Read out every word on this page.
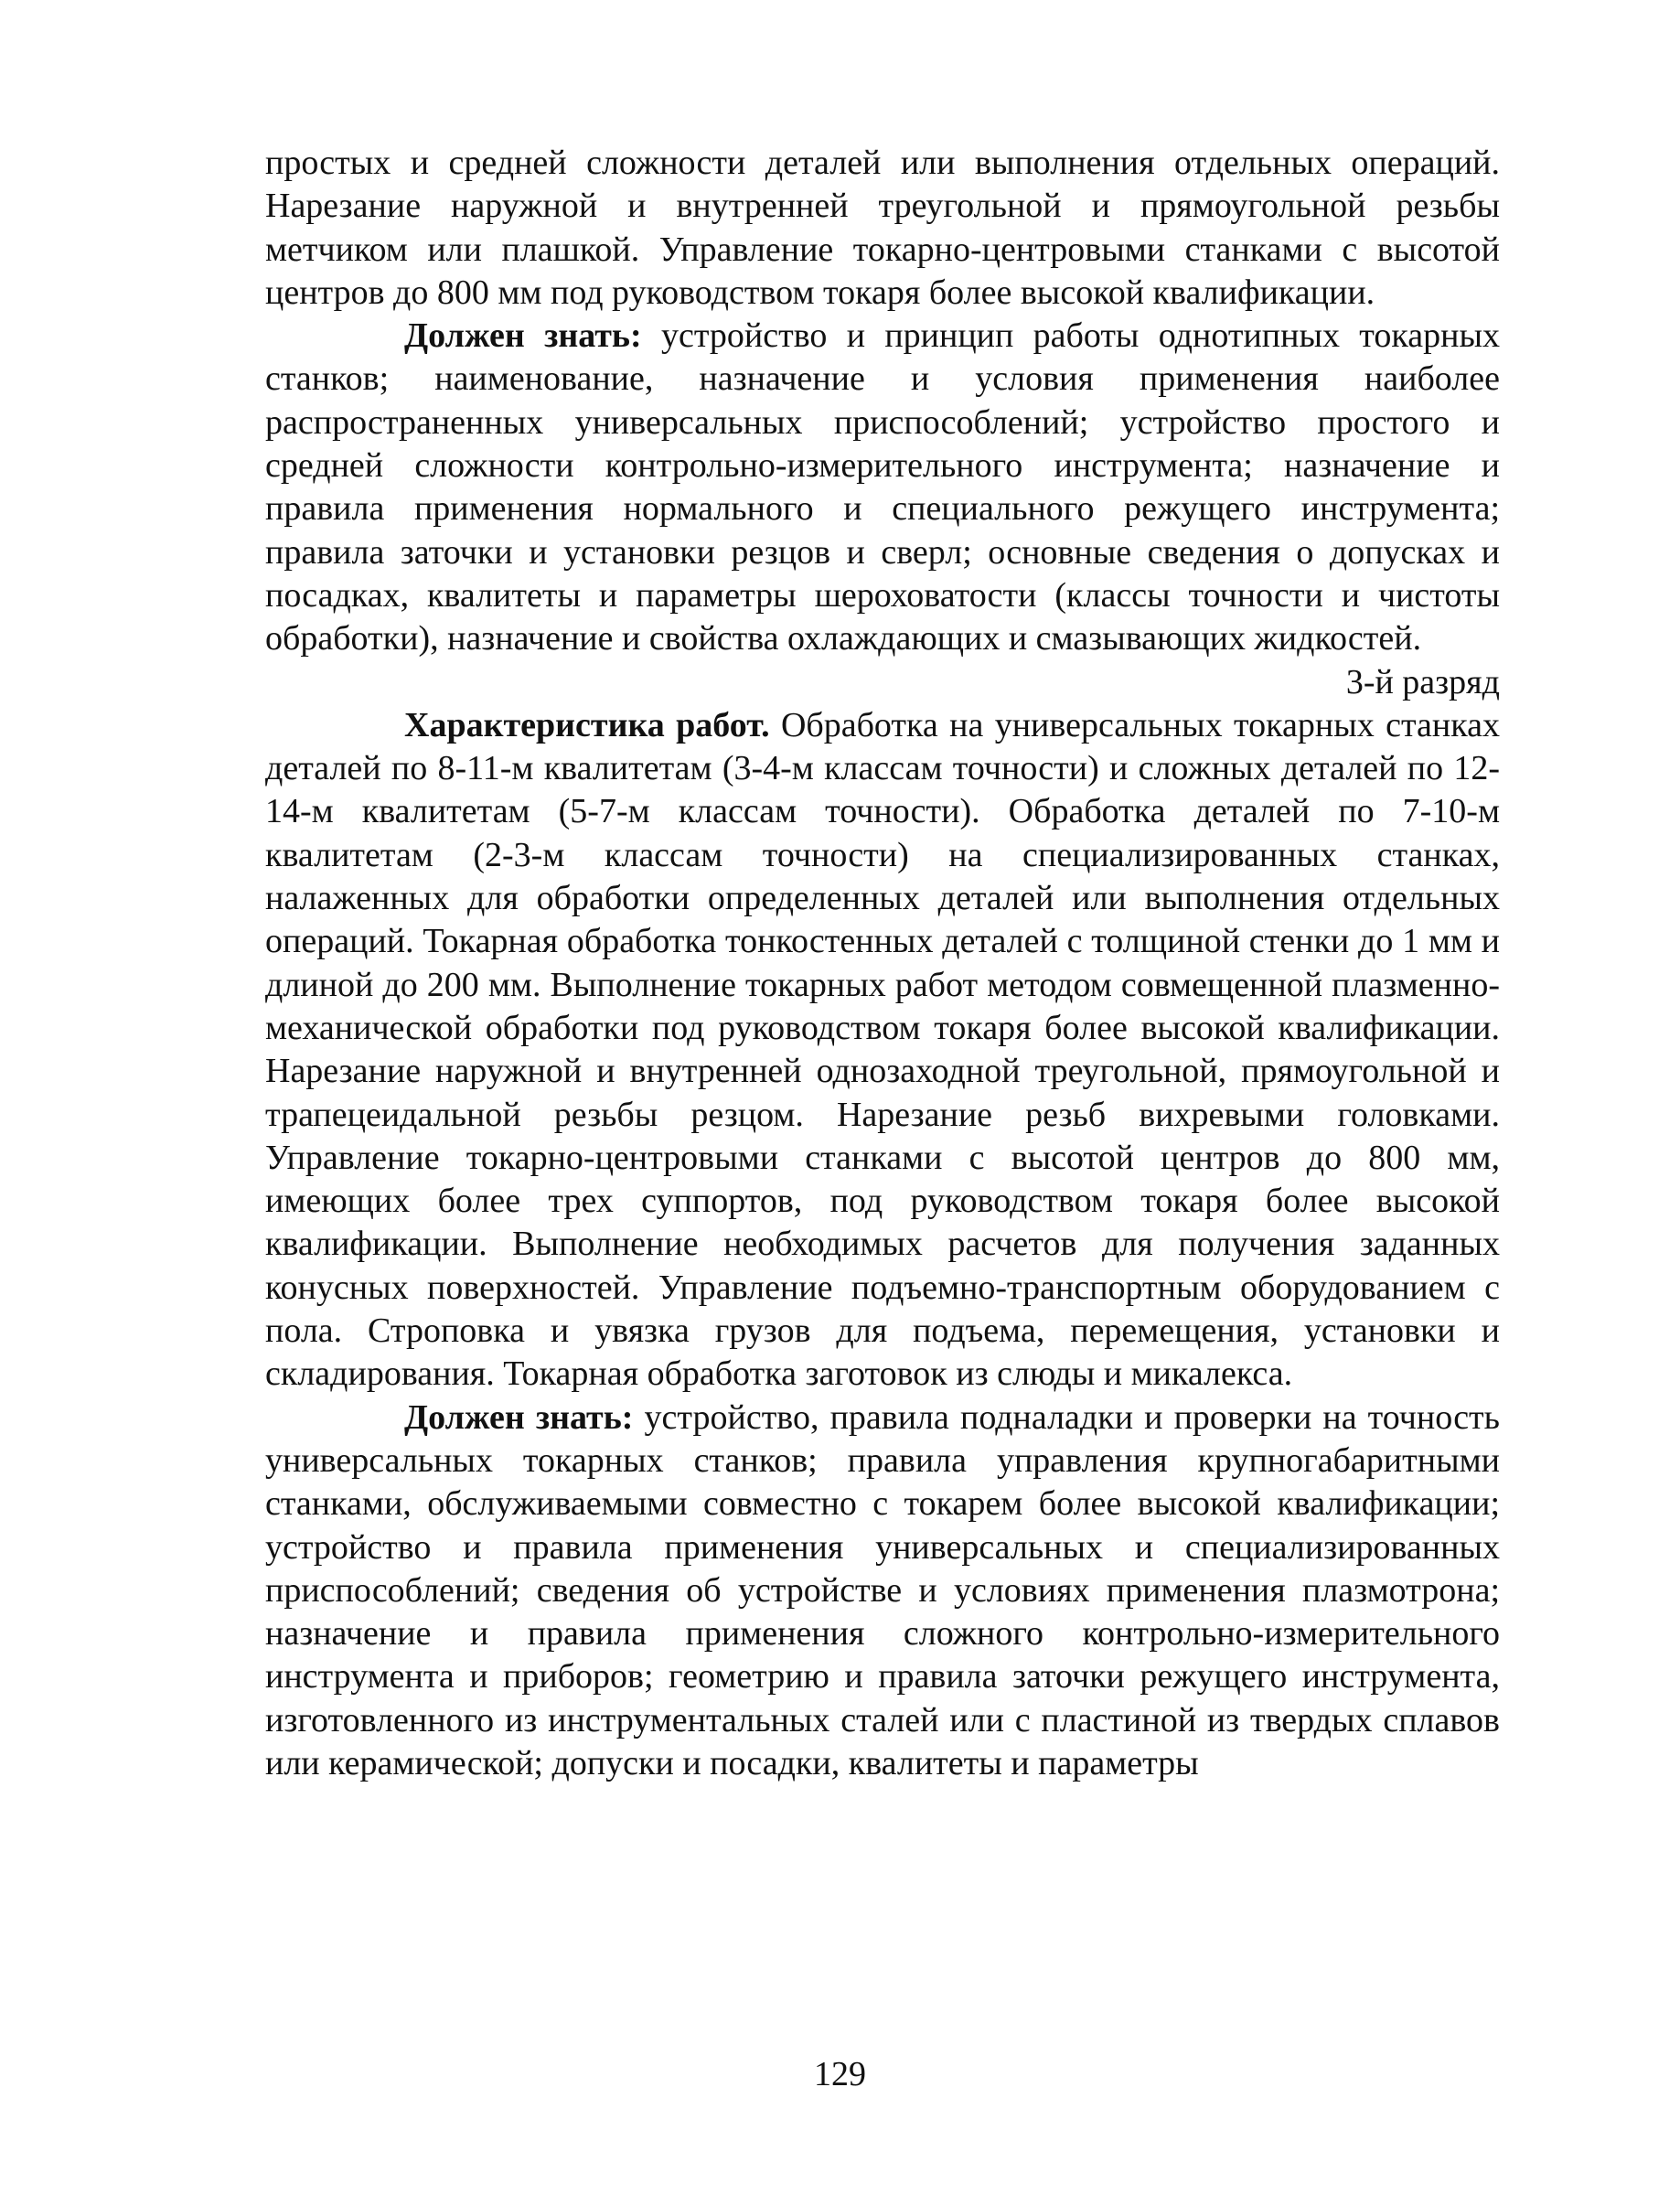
простых и средней сложности деталей или выполнения отдельных операций. Нарезание наружной и внутренней треугольной и прямоугольной резьбы метчиком или плашкой. Управление токарно-центровыми станками с высотой центров до 800 мм под руководством токаря более высокой квалификации.

Должен знать: устройство и принцип работы однотипных токарных станков; наименование, назначение и условия применения наиболее распространенных универсальных приспособлений; устройство простого и средней сложности контрольно-измерительного инструмента; назначение и правила применения нормального и специального режущего инструмента; правила заточки и установки резцов и сверл; основные сведения о допусках и посадках, квалитеты и параметры шероховатости (классы точности и чистоты обработки), назначение и свойства охлаждающих и смазывающих жидкостей.

3-й разряд

Характеристика работ. Обработка на универсальных токарных станках деталей по 8-11-м квалитетам (3-4-м классам точности) и сложных деталей по 12-14-м квалитетам (5-7-м классам точности). Обработка деталей по 7-10-м квалитетам (2-3-м классам точности) на специализированных станках, налаженных для обработки определенных деталей или выполнения отдельных операций. Токарная обработка тонкостенных деталей с толщиной стенки до 1 мм и длиной до 200 мм. Выполнение токарных работ методом совмещенной плазменно-механической обработки под руководством токаря более высокой квалификации. Нарезание наружной и внутренней однозаходной треугольной, прямоугольной и трапецеидальной резьбы резцом. Нарезание резьб вихревыми головками. Управление токарно-центровыми станками с высотой центров до 800 мм, имеющих более трех суппортов, под руководством токаря более высокой квалификации. Выполнение необходимых расчетов для получения заданных конусных поверхностей. Управление подъемно-транспортным оборудованием с пола. Строповка и увязка грузов для подъема, перемещения, установки и складирования. Токарная обработка заготовок из слюды и микалекса.

Должен знать: устройство, правила подналадки и проверки на точность универсальных токарных станков; правила управления крупногабаритными станками, обслуживаемыми совместно с токарем более высокой квалификации; устройство и правила применения универсальных и специализированных приспособлений; сведения об устройстве и условиях применения плазмотрона; назначение и правила применения сложного контрольно-измерительного инструмента и приборов; геометрию и правила заточки режущего инструмента, изготовленного из инструментальных сталей или с пластиной из твердых сплавов или керамической; допуски и посадки, квалитеты и параметры

129
